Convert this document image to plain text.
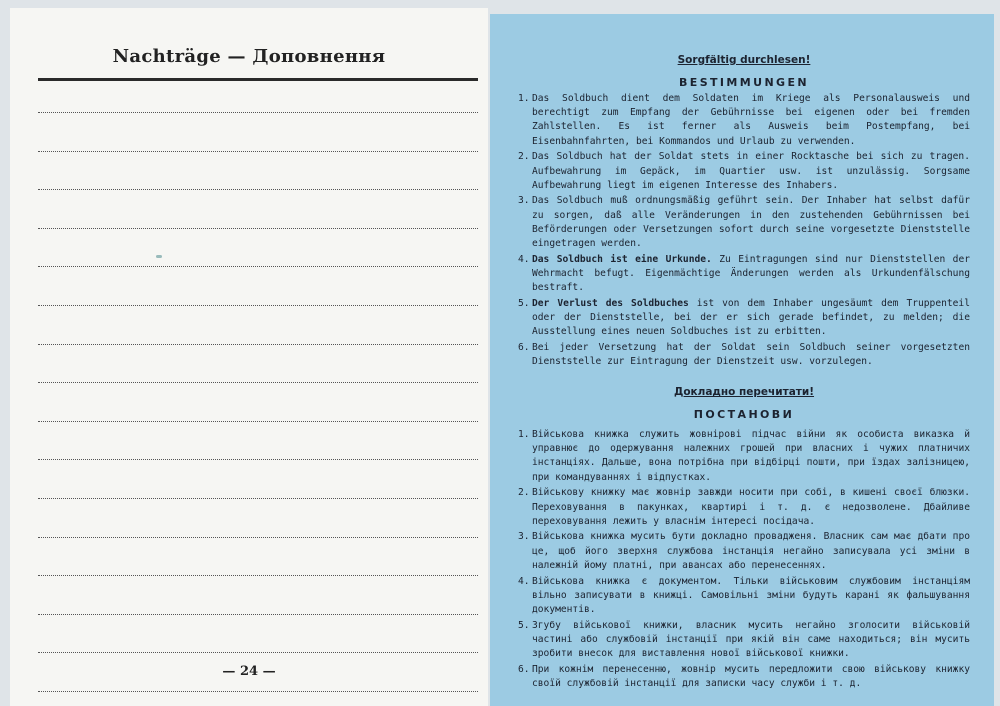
Nachträge — Доповнення
— 24 —
Sorgfältig durchlesen!
BESTIMMUNGEN
1. Das Soldbuch dient dem Soldaten im Kriege als Personalausweis und berechtigt zum Empfang der Gebührnisse bei eigenen oder bei fremden Zahlstellen. Es ist ferner als Ausweis beim Postempfang, bei Eisenbahnfahrten, bei Kommandos und Urlaub zu verwenden.
2. Das Soldbuch hat der Soldat stets in einer Rocktasche bei sich zu tragen. Aufbewahrung im Gepäck, im Quartier usw. ist unzulässig. Sorgsame Aufbewahrung liegt im eigenen Interesse des Inhabers.
3. Das Soldbuch muß ordnungsmäßig geführt sein. Der Inhaber hat selbst dafür zu sorgen, daß alle Veränderungen in den zustehenden Gebührnissen bei Beförderungen oder Versetzungen sofort durch seine vorgesetzte Dienststelle eingetragen werden.
4. Das Soldbuch ist eine Urkunde. Zu Eintragungen sind nur Dienststellen der Wehrmacht befugt. Eigenmächtige Änderungen werden als Urkundenfälschung bestraft.
5. Der Verlust des Soldbuches ist von dem Inhaber ungesäumt dem Truppenteil oder der Dienststelle, bei der er sich gerade befindet, zu melden; die Ausstellung eines neuen Soldbuches ist zu erbitten.
6. Bei jeder Versetzung hat der Soldat sein Soldbuch seiner vorgesetzten Dienststelle zur Eintragung der Dienstzeit usw. vorzulegen.
Докладно перечитати!
ПОСТАНОВИ
1. Військова книжка служить жовнірові підчас війни як особиста виказка й управнює до одержування належних грошей при власних і чужих платничих інстанціях. Дальше, вона потрібна при відбірці пошти, при їздах залізницею, при командуваннях і відпустках.
2. Військову книжку має жовнір завжди носити при собі, в кишені своєї блюзки. Переховування в пакунках, квартирі і т. д. є недозволене. Дбайливе переховування лежить у власнім інтересі посідача.
3. Військова книжка мусить бути докладно провадженя. Власник сам має дбати про це, щоб його зверхня службова інстанція негайно записувала усі зміни в належній йому платні, при авансах або перенесеннях.
4. Військова книжка є документом. Тільки військовим службовим інстанціям вільно записувати в книжці. Самовільні зміни будуть карані як фальшування документів.
5. Згубу військової книжки, власник мусить негайно зголосити військовій частині або службовій інстанції при якій він саме находиться; він мусить зробити внесок для виставлення нової військової книжки.
6. При кожнім перенесенню, жовнір мусить передложити свою військову книжку своїй службовій інстанції для записки часу служби і т. д.
